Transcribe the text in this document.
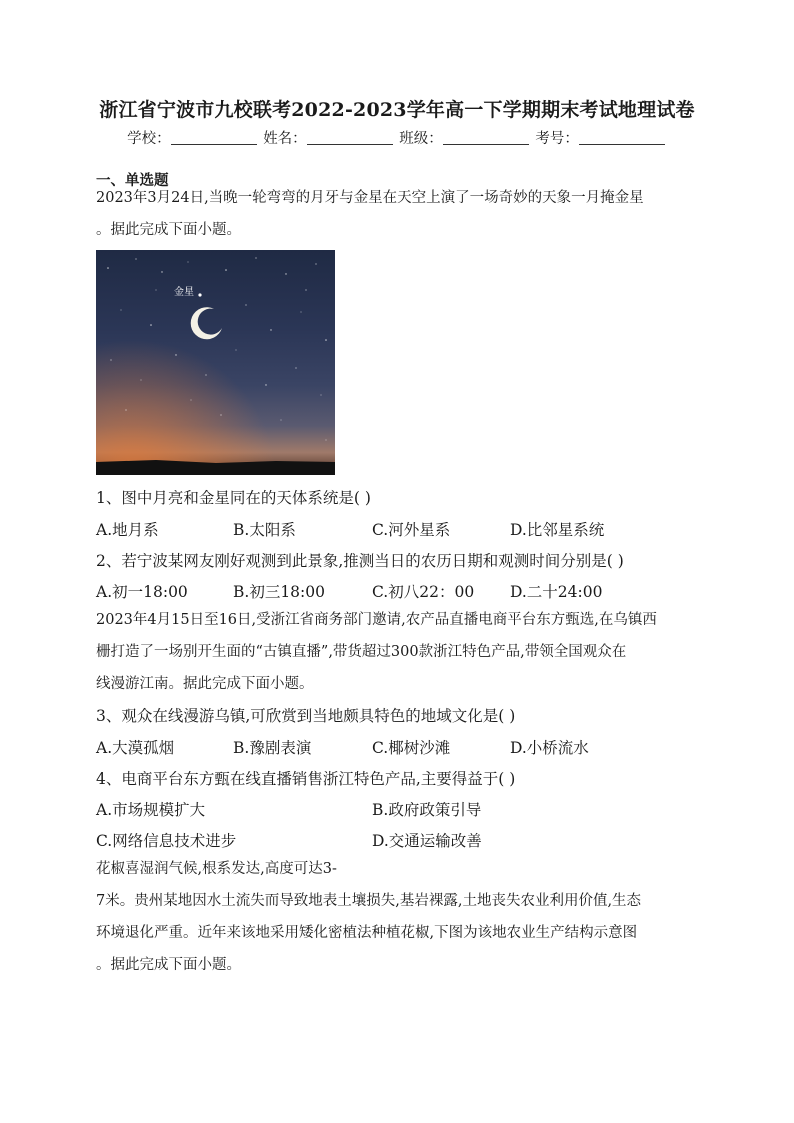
浙江省宁波市九校联考2022-2023学年高一下学期期末考试地理试卷
学校：	姓名：	班级：	考号：
一、单选题
2023年3月24日,当晚一轮弯弯的月牙与金星在天空上演了一场奇妙的天象一月掩金星
。据此完成下面小题。
金星
1、图中月亮和金星同在的天体系统是( )
A.地月系	B.太阳系	C.河外星系	D.比邻星系统
2、若宁波某网友刚好观测到此景象,推测当日的农历日期和观测时间分别是( )
A.初一18:00	B.初三18:00	C.初八22：00 D.二十24:00
2023年4月15日至16日,受浙江省商务部门邀请,农产品直播电商平台东方甄选,在乌镇西
栅打造了一场别开生面的“古镇直播”,带货超过300款浙江特色产品,带领全国观众在
线漫游江南。据此完成下面小题。
3、观众在线漫游乌镇,可欣赏到当地颇具特色的地域文化是( )
A.大漠孤烟	B.豫剧表演	C.椰树沙滩	D.小桥流水
4、电商平台东方甄在线直播销售浙江特色产品,主要得益于( )
A.市场规模扩大	B.政府政策引导
C.网络信息技术进步	D.交通运输改善
花椒喜湿润气候,根系发达,高度可达3-
7米。贵州某地因水土流失而导致地表土壤损失,基岩裸露,土地丧失农业利用价值,生态
环境退化严重。近年来该地采用矮化密植法种植花椒,下图为该地农业生产结构示意图
。据此完成下面小题。
